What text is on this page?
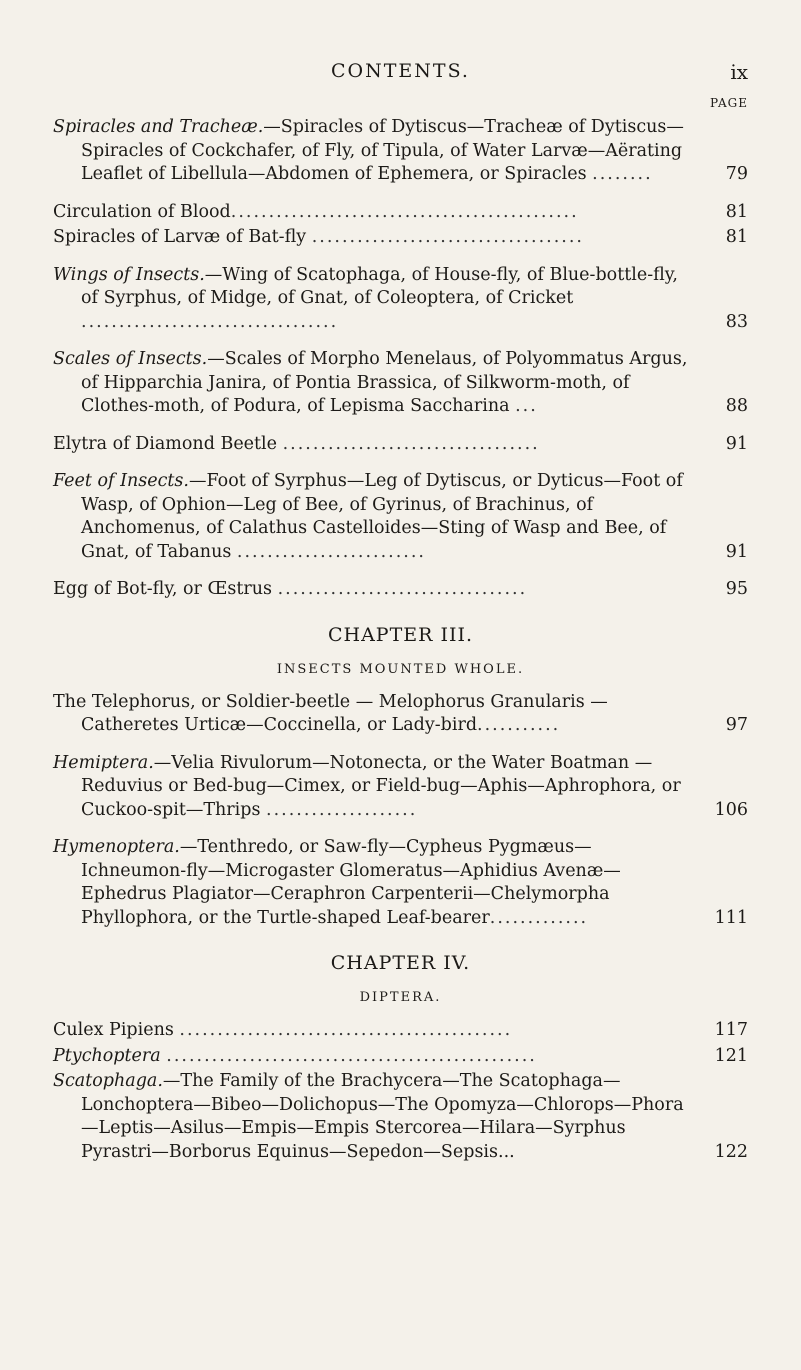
CONTENTS.	ix
PAGE
Spiracles and Tracheæ.—Spiracles of Dytiscus—Tracheæ of Dytiscus—Spiracles of Cockchafer, of Fly, of Tipula, of Water Larvæ—Aërating Leaflet of Libellula—Abdomen of Ephemera, or Spiracles ........	79
Circulation of Blood..............................................	81
Spiracles of Larvæ of Bat-fly ....................................	81
Wings of Insects.—Wing of Scatophaga, of House-fly, of Blue-bottle-fly, of Syrphus, of Midge, of Gnat, of Coleoptera, of Cricket ..................................	83
Scales of Insects.—Scales of Morpho Menelaus, of Polyommatus Argus, of Hipparchia Janira, of Pontia Brassica, of Silkworm-moth, of Clothes-moth, of Podura, of Lepisma Saccharina ...	88
Elytra of Diamond Beetle ..................................	91
Feet of Insects.—Foot of Syrphus—Leg of Dytiscus, or Dyticus—Foot of Wasp, of Ophion—Leg of Bee, of Gyrinus, of Brachinus, of Anchomenus, of Calathus Castelloides—Sting of Wasp and Bee, of Gnat, of Tabanus .........................	91
Egg of Bot-fly, or Œstrus .................................	95
CHAPTER III.
INSECTS MOUNTED WHOLE.
The Telephorus, or Soldier-beetle — Melophorus Granularis — Catheretes Urticæ—Coccinella, or Lady-bird...........	97
Hemiptera.—Velia Rivulorum—Notonecta, or the Water Boatman —Reduvius or Bed-bug—Cimex, or Field-bug—Aphis—Aphrophora, or Cuckoo-spit—Thrips ....................	106
Hymenoptera.—Tenthredo, or Saw-fly—Cypheus Pygmæus—Ichneumon-fly—Microgaster Glomeratus—Aphidius Avenæ—Ephedrus Plagiator—Ceraphron Carpenterii—Chelymorpha Phyllophora, or the Turtle-shaped Leaf-bearer.............	111
CHAPTER IV.
DIPTERA.
Culex Pipiens ............................................	117
Ptychoptera .................................................	121
Scatophaga.—The Family of the Brachycera—The Scatophaga—Lonchoptera—Bibeo—Dolichopus—The Opomyza—Chlorops—Phora—Leptis—Asilus—Empis—Empis Stercorea—Hilara—Syrphus Pyrastri—Borborus Equinus—Sepedon—Sepsis...	122
